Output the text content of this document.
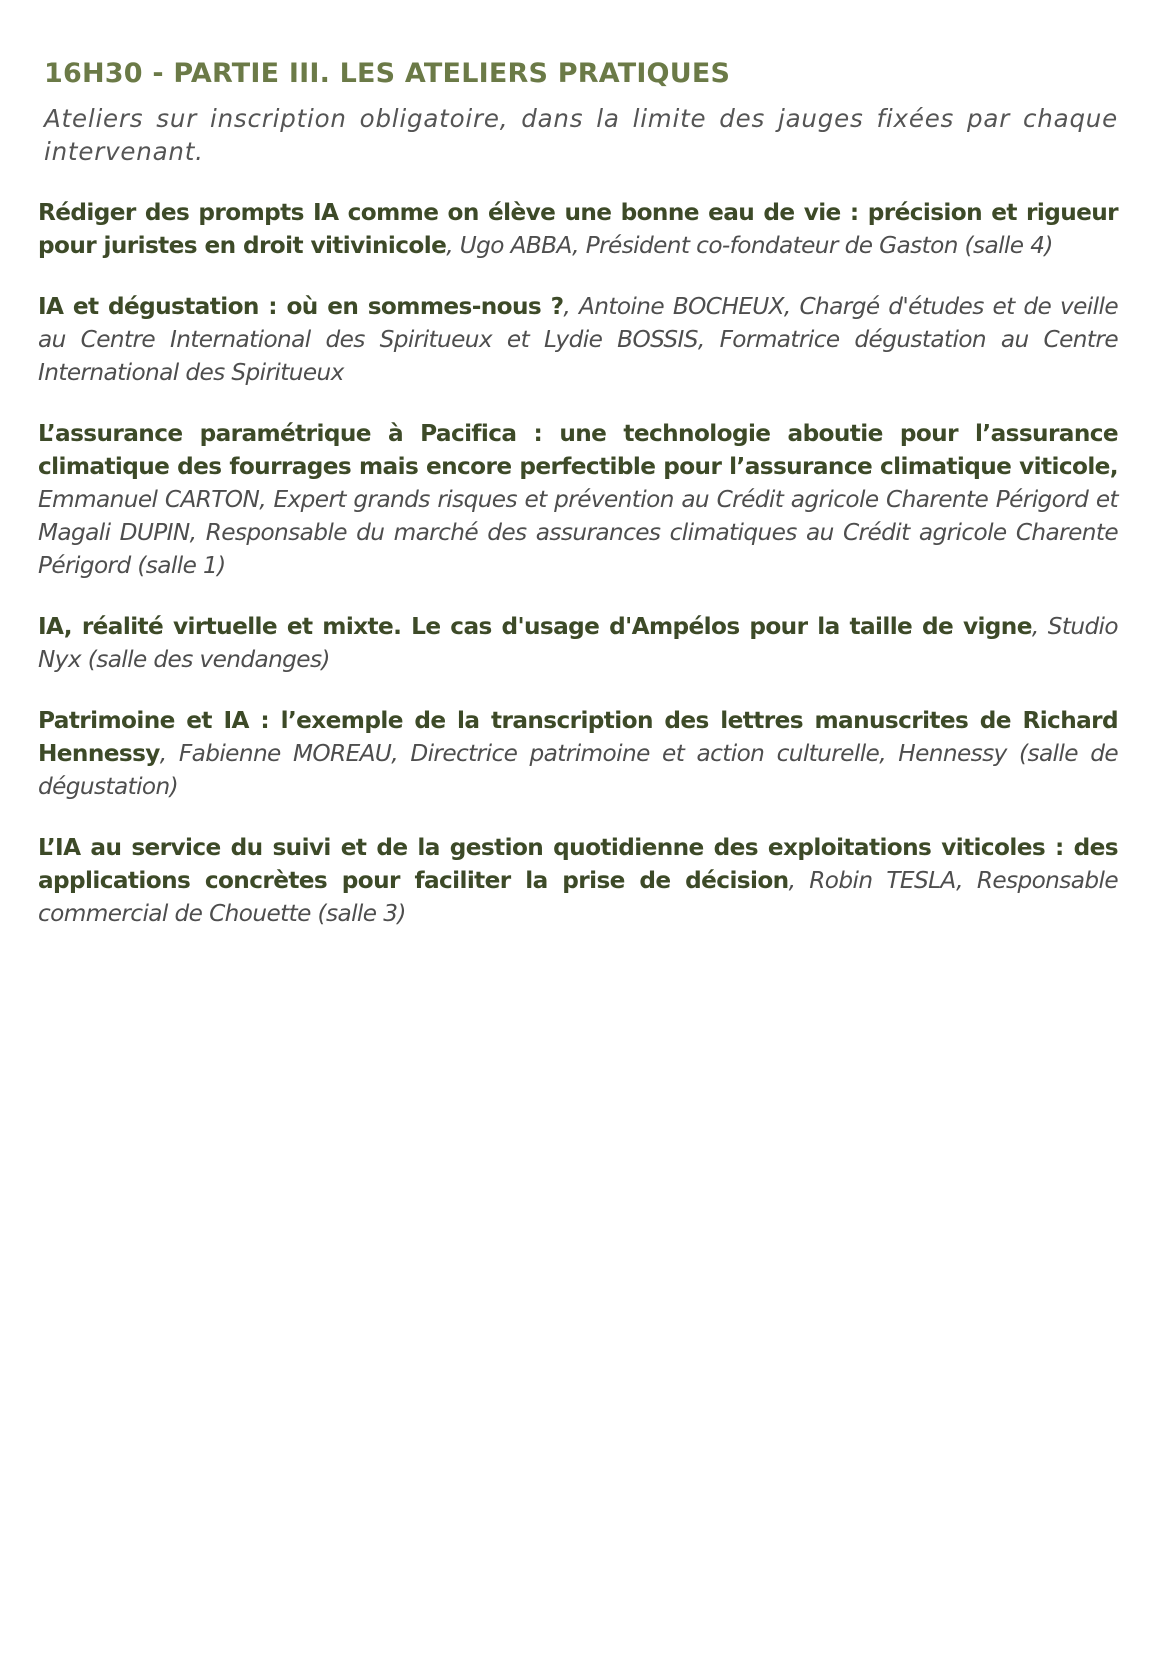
16H30 - PARTIE III. LES ATELIERS PRATIQUES

Ateliers sur inscription obligatoire, dans la limite des jauges fixées par chaque intervenant.

Rédiger des prompts IA comme on élève une bonne eau de vie : précision et rigueur pour juristes en droit vitivinicole, Ugo ABBA, Président co-fondateur de Gaston (salle 4)

IA et dégustation : où en sommes-nous ?, Antoine BOCHEUX, Chargé d'études et de veille au Centre International des Spiritueux et Lydie BOSSIS, Formatrice dégustation au Centre International des Spiritueux

L’assurance paramétrique à Pacifica : une technologie aboutie pour l’assurance climatique des fourrages mais encore perfectible pour l’assurance climatique viticole, Emmanuel CARTON, Expert grands risques et prévention au Crédit agricole Charente Périgord et Magali DUPIN, Responsable du marché des assurances climatiques au Crédit agricole Charente Périgord (salle 1)

IA, réalité virtuelle et mixte. Le cas d'usage d'Ampélos pour la taille de vigne, Studio Nyx (salle des vendanges)

Patrimoine et IA : l’exemple de la transcription des lettres manuscrites de Richard Hennessy, Fabienne MOREAU, Directrice patrimoine et action culturelle, Hennessy (salle de dégustation)

L’IA au service du suivi et de la gestion quotidienne des exploitations viticoles : des applications concrètes pour faciliter la prise de décision, Robin TESLA, Responsable commercial de Chouette (salle 3)
